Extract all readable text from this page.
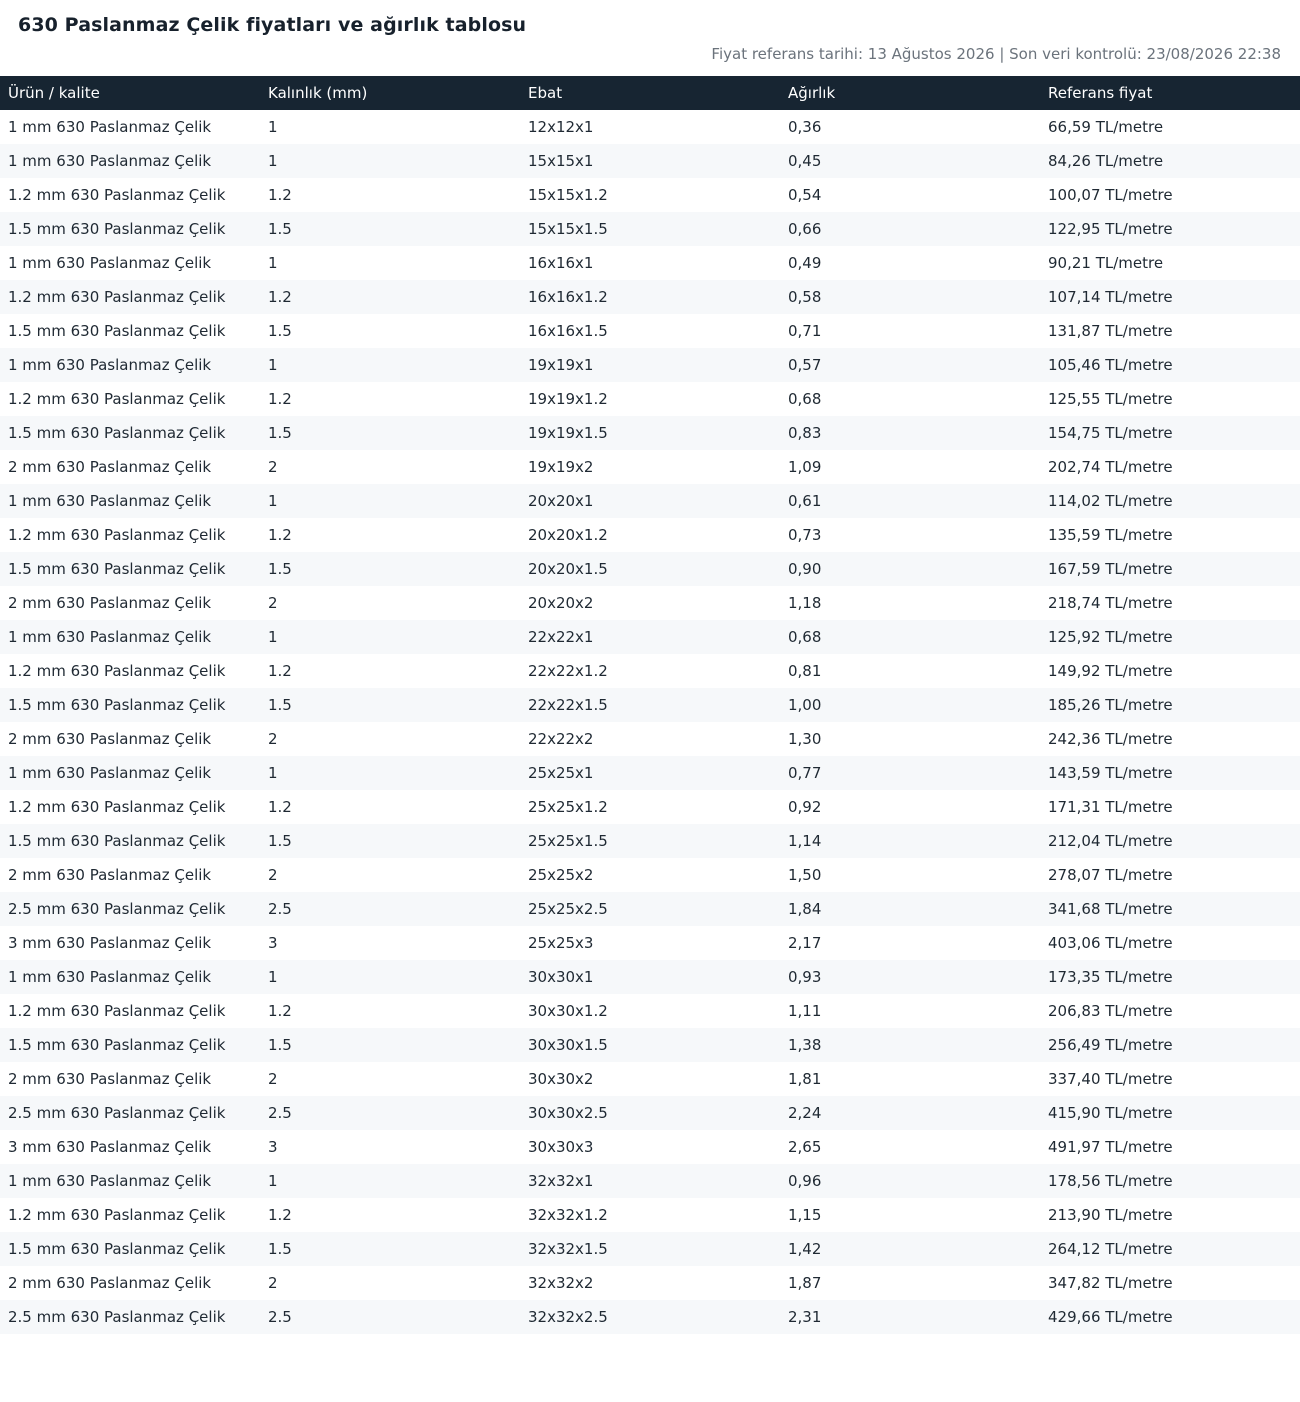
630 Paslanmaz Çelik fiyatları ve ağırlık tablosu
Fiyat referans tarihi: 13 Ağustos 2026 | Son veri kontrolü: 23/08/2026 22:38
Ürün / kalite	Kalınlık (mm)	Ebat	Ağırlık	Referans fiyat
1 mm 630 Paslanmaz Çelik	1	12x12x1	0,36	66,59 TL/metre
1 mm 630 Paslanmaz Çelik	1	15x15x1	0,45	84,26 TL/metre
1.2 mm 630 Paslanmaz Çelik	1.2	15x15x1.2	0,54	100,07 TL/metre
1.5 mm 630 Paslanmaz Çelik	1.5	15x15x1.5	0,66	122,95 TL/metre
1 mm 630 Paslanmaz Çelik	1	16x16x1	0,49	90,21 TL/metre
1.2 mm 630 Paslanmaz Çelik	1.2	16x16x1.2	0,58	107,14 TL/metre
1.5 mm 630 Paslanmaz Çelik	1.5	16x16x1.5	0,71	131,87 TL/metre
1 mm 630 Paslanmaz Çelik	1	19x19x1	0,57	105,46 TL/metre
1.2 mm 630 Paslanmaz Çelik	1.2	19x19x1.2	0,68	125,55 TL/metre
1.5 mm 630 Paslanmaz Çelik	1.5	19x19x1.5	0,83	154,75 TL/metre
2 mm 630 Paslanmaz Çelik	2	19x19x2	1,09	202,74 TL/metre
1 mm 630 Paslanmaz Çelik	1	20x20x1	0,61	114,02 TL/metre
1.2 mm 630 Paslanmaz Çelik	1.2	20x20x1.2	0,73	135,59 TL/metre
1.5 mm 630 Paslanmaz Çelik	1.5	20x20x1.5	0,90	167,59 TL/metre
2 mm 630 Paslanmaz Çelik	2	20x20x2	1,18	218,74 TL/metre
1 mm 630 Paslanmaz Çelik	1	22x22x1	0,68	125,92 TL/metre
1.2 mm 630 Paslanmaz Çelik	1.2	22x22x1.2	0,81	149,92 TL/metre
1.5 mm 630 Paslanmaz Çelik	1.5	22x22x1.5	1,00	185,26 TL/metre
2 mm 630 Paslanmaz Çelik	2	22x22x2	1,30	242,36 TL/metre
1 mm 630 Paslanmaz Çelik	1	25x25x1	0,77	143,59 TL/metre
1.2 mm 630 Paslanmaz Çelik	1.2	25x25x1.2	0,92	171,31 TL/metre
1.5 mm 630 Paslanmaz Çelik	1.5	25x25x1.5	1,14	212,04 TL/metre
2 mm 630 Paslanmaz Çelik	2	25x25x2	1,50	278,07 TL/metre
2.5 mm 630 Paslanmaz Çelik	2.5	25x25x2.5	1,84	341,68 TL/metre
3 mm 630 Paslanmaz Çelik	3	25x25x3	2,17	403,06 TL/metre
1 mm 630 Paslanmaz Çelik	1	30x30x1	0,93	173,35 TL/metre
1.2 mm 630 Paslanmaz Çelik	1.2	30x30x1.2	1,11	206,83 TL/metre
1.5 mm 630 Paslanmaz Çelik	1.5	30x30x1.5	1,38	256,49 TL/metre
2 mm 630 Paslanmaz Çelik	2	30x30x2	1,81	337,40 TL/metre
2.5 mm 630 Paslanmaz Çelik	2.5	30x30x2.5	2,24	415,90 TL/metre
3 mm 630 Paslanmaz Çelik	3	30x30x3	2,65	491,97 TL/metre
1 mm 630 Paslanmaz Çelik	1	32x32x1	0,96	178,56 TL/metre
1.2 mm 630 Paslanmaz Çelik	1.2	32x32x1.2	1,15	213,90 TL/metre
1.5 mm 630 Paslanmaz Çelik	1.5	32x32x1.5	1,42	264,12 TL/metre
2 mm 630 Paslanmaz Çelik	2	32x32x2	1,87	347,82 TL/metre
2.5 mm 630 Paslanmaz Çelik	2.5	32x32x2.5	2,31	429,66 TL/metre
